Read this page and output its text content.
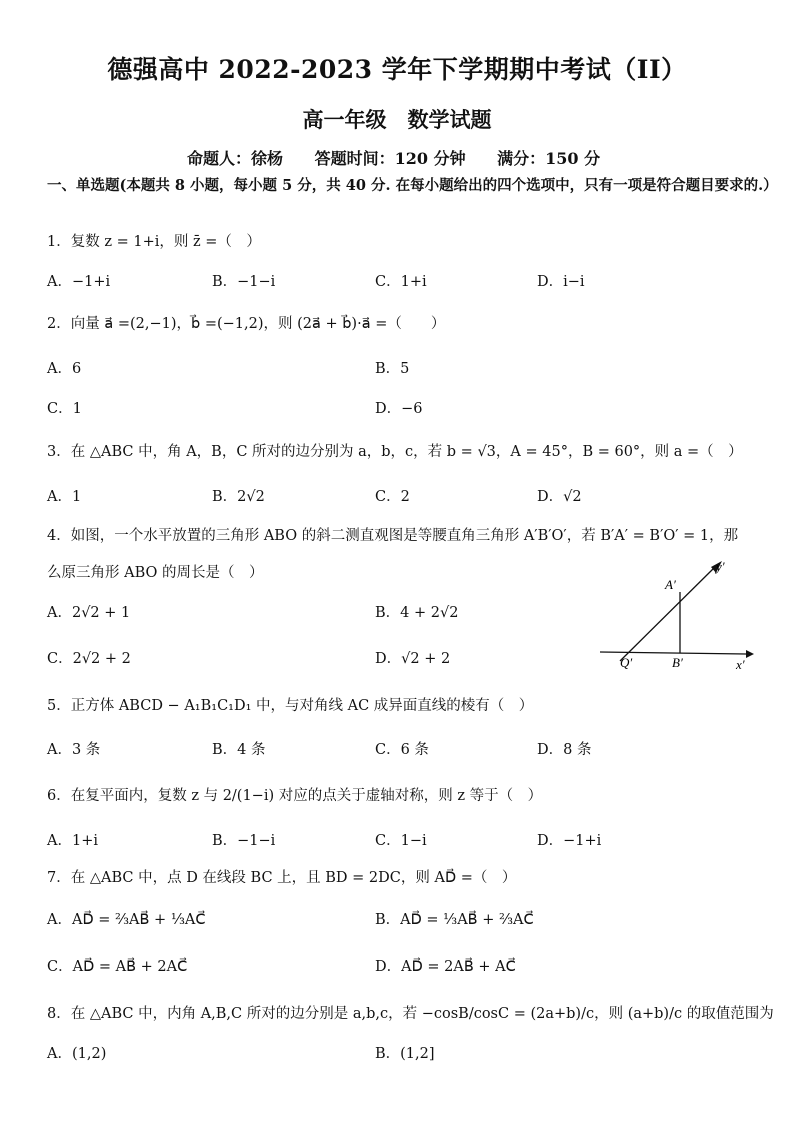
德强高中 2022-2023 学年下学期期中考试（II）
高一年级　数学试题
命题人：徐杨 答题时间：120 分钟 满分：150 分
一、单选题(本题共 8 小题，每小题 5 分，共 40 分. 在每小题给出的四个选项中，只有一项是符合题目要求的.）
1．复数 z = 1+i，则 z̄ =（　）
A．−1+i	B．−1−i	C．1+i	D．i−i
2．向量 a⃗ =(2,−1)，b⃗ =(−1,2)，则 (2a⃗ + b⃗)·a⃗ =（　　）
A．6	B．5
C．1	D．−6
3．在 △ABC 中，角 A，B，C 所对的边分别为 a，b，c，若 b = √3，A = 45°，B = 60°，则 a =（　）
A．1	B．2√2	C．2	D．√2
4．如图，一个水平放置的三角形 ABO 的斜二测直观图是等腰直角三角形 A′B′O′，若 B′A′ = B′O′ = 1，那
么原三角形 ABO 的周长是（　）
A．2√2 + 1	B．4 + 2√2
C．2√2 + 2	D．√2 + 2
A′
y′
Q′	B′	x′
5．正方体 ABCD − A₁B₁C₁D₁ 中，与对角线 AC 成异面直线的棱有（　）
A．3 条	B．4 条	C．6 条	D．8 条
6．在复平面内，复数 z 与 2/(1−i) 对应的点关于虚轴对称，则 z 等于（　）
A．1+i	B．−1−i	C．1−i	D．−1+i
7．在 △ABC 中，点 D 在线段 BC 上，且 BD = 2DC，则 AD⃗ =（　）
A．AD⃗ = ⅔AB⃗ + ⅓AC⃗	B．AD⃗ = ⅓AB⃗ + ⅔AC⃗
C．AD⃗ = AB⃗ + 2AC⃗	D．AD⃗ = 2AB⃗ + AC⃗
8．在 △ABC 中，内角 A,B,C 所对的边分别是 a,b,c，若 −cosB/cosC = (2a+b)/c，则 (a+b)/c 的取值范围为
A．(1,2)	B．(1,2]
